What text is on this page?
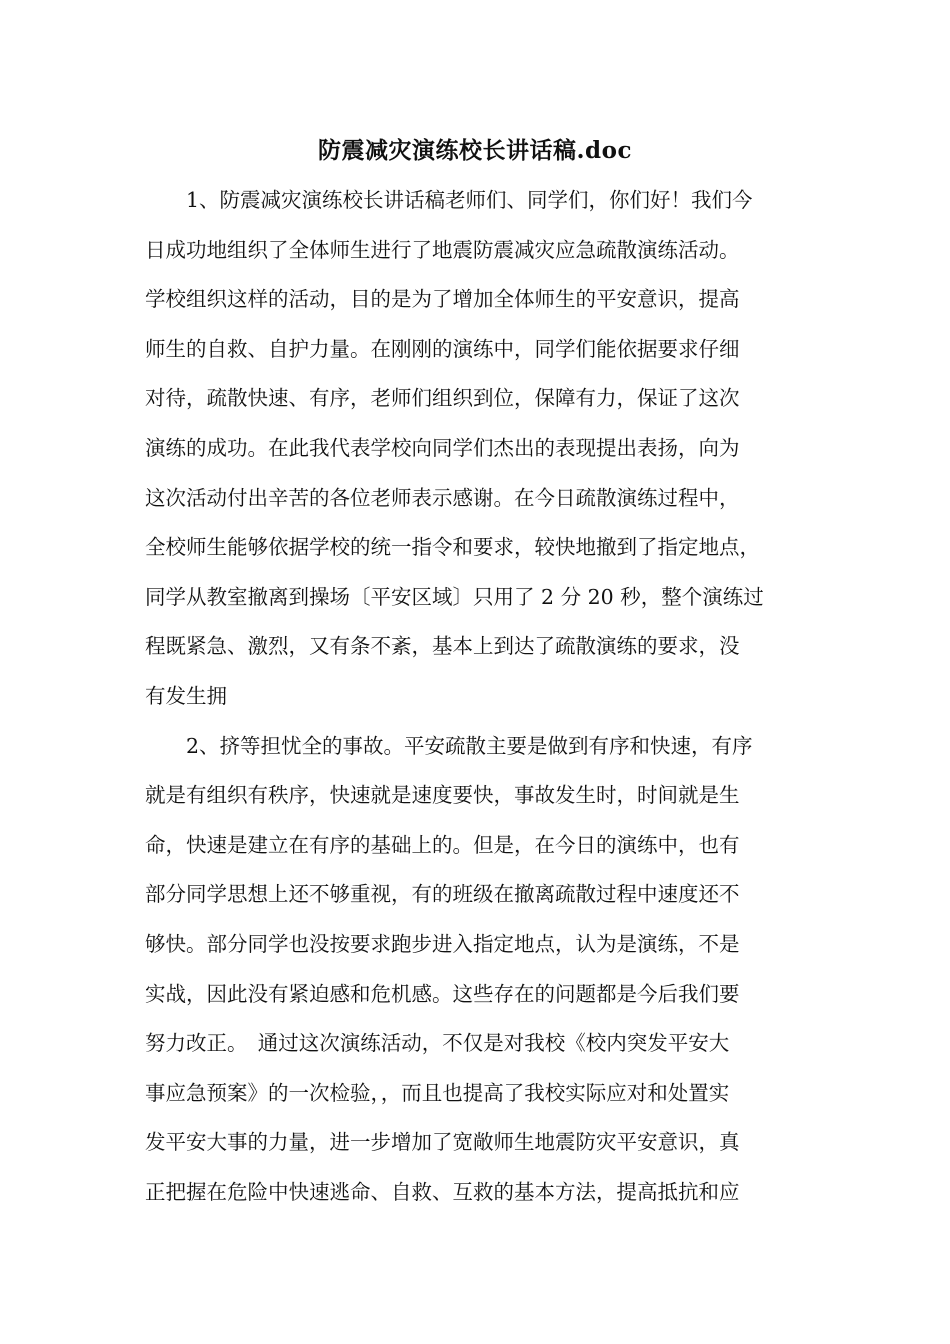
防震减灾演练校长讲话稿.doc
1、防震减灾演练校长讲话稿老师们、同学们，你们好！我们今
日成功地组织了全体师生进行了地震防震减灾应急疏散演练活动。
学校组织这样的活动，目的是为了增加全体师生的平安意识，提高
师生的自救、自护力量。在刚刚的演练中，同学们能依据要求仔细
对待，疏散快速、有序，老师们组织到位，保障有力，保证了这次
演练的成功。在此我代表学校向同学们杰出的表现提出表扬，向为
这次活动付出辛苦的各位老师表示感谢。在今日疏散演练过程中，
全校师生能够依据学校的统一指令和要求，较快地撤到了指定地点，
同学从教室撤离到操场〔平安区域〕只用了 2 分 20 秒，整个演练过
程既紧急、激烈，又有条不紊，基本上到达了疏散演练的要求，没
有发生拥
2、挤等担忧全的事故。平安疏散主要是做到有序和快速，有序
就是有组织有秩序，快速就是速度要快，事故发生时，时间就是生
命，快速是建立在有序的基础上的。但是，在今日的演练中，也有
部分同学思想上还不够重视，有的班级在撤离疏散过程中速度还不
够快。部分同学也没按要求跑步进入指定地点，认为是演练，不是
实战，因此没有紧迫感和危机感。这些存在的问题都是今后我们要
努力改正。　通过这次演练活动，不仅是对我校《校内突发平安大
事应急预案》的一次检验，，而且也提高了我校实际应对和处置实
发平安大事的力量，进一步增加了宽敞师生地震防灾平安意识，真
正把握在危险中快速逃命、自救、互救的基本方法，提高抵抗和应
